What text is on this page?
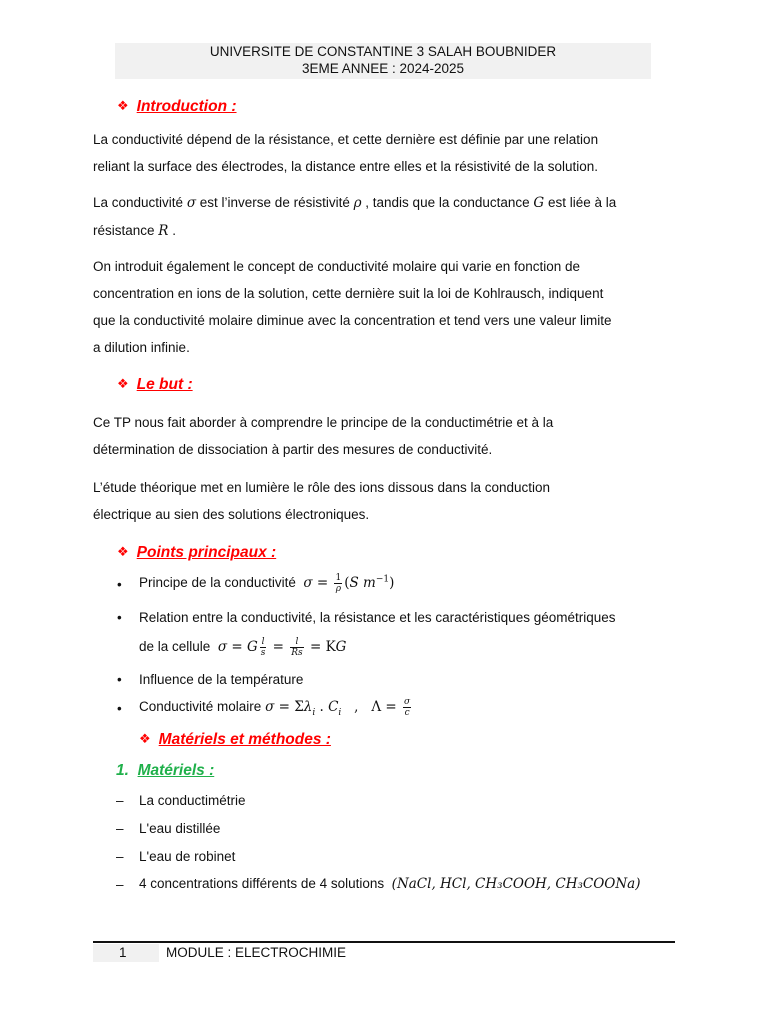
UNIVERSITE DE CONSTANTINE 3 SALAH BOUBNIDER
3EME ANNEE : 2024-2025
❖ Introduction :
La conductivité dépend de la résistance, et cette dernière est définie par une relation
reliant la surface des électrodes, la distance entre elles et la résistivité de la solution.
La conductivité σ est l’inverse de résistivité ρ , tandis que la conductance G est liée à la
résistance R .
On introduit également le concept de conductivité molaire qui varie en fonction de
concentration en ions de la solution, cette dernière suit la loi de Kohlrausch, indiquent
que la conductivité molaire diminue avec la concentration et tend vers une valeur limite
a dilution infinie.
❖ Le but :
Ce TP nous fait aborder à comprendre le principe de la conductimétrie et à la
détermination de dissociation à partir des mesures de conductivité.
L’étude théorique met en lumière le rôle des ions dissous dans la conduction
électrique au sien des solutions électroniques.
❖ Points principaux :
• Principe de la conductivité $\sigma = \frac{1}{\rho} (S$ $m^{-1}$)
• Relation entre la conductivité, la résistance et les caractéristiques géométriques
de la cellule σ = G $\frac{l}{s} = \frac{l}{Rs}$ = KG
• Influence de la température
• Conductivité molaire $\sigma = \Sigma\lambda_i$ . $C_i$   ,   $\Lambda = \frac{\sigma}{c}$
❖ Matériels et méthodes :
1. Matériels :
– La conductimétrie
– L'eau distillée
– L'eau de robinet
– 4 concentrations différents de 4 solutions (NaCl, HCl, CH₃COOH, CH₃COONa)
1	MODULE : ELECTROCHIMIE
